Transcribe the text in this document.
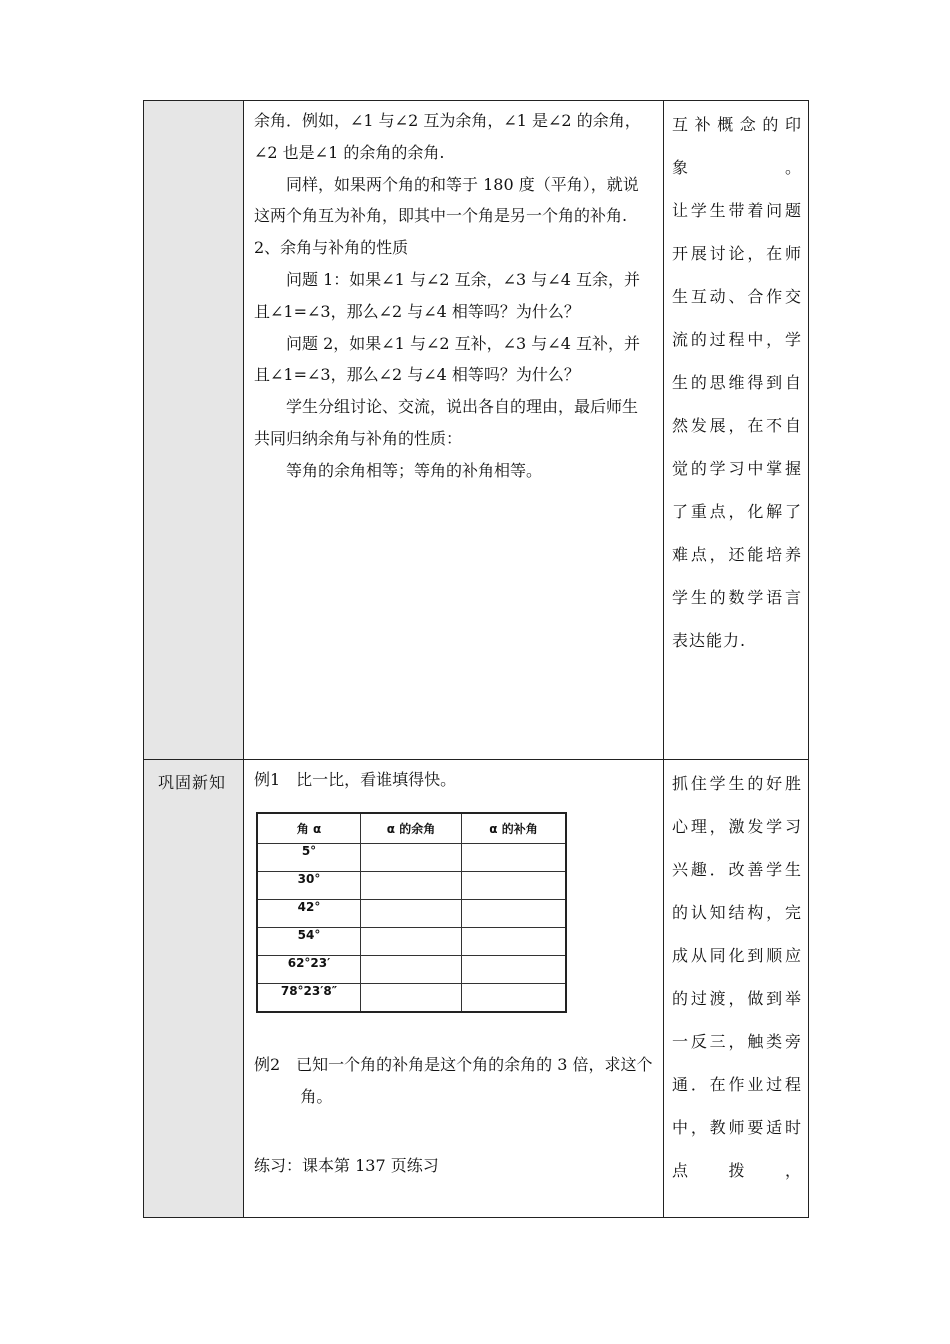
余角．例如，∠1 与∠2 互为余角，∠1 是∠2 的余角，∠2 也是∠1 的余角的余角.

同样，如果两个角的和等于 180 度（平角），就说这两个角互为补角，即其中一个角是另一个角的补角.

2、余角与补角的性质

问题 1：如果∠1 与∠2 互余，∠3 与∠4 互余，并且∠1=∠3，那么∠2 与∠4 相等吗？为什么？

问题 2，如果∠1 与∠2 互补，∠3 与∠4 互补，并且∠1=∠3，那么∠2 与∠4 相等吗？为什么？

学生分组讨论、交流，说出各自的理由，最后师生共同归纳余角与补角的性质：

等角的余角相等；等角的补角相等。

互补概念的印象。

让学生带着问题开展讨论，在师生互动、合作交

流的过程中，学生的思维得到自然发展，在不自觉的学习中掌握了重点，化解了难点，还能培养学生的数学语言表达能力.

巩固新知	例1　比一比，看谁填得快。

角 α	α 的余角	α 的补角
5°		
30°		
42°		
54°		
62°23′		
78°23′8″		

例2　已知一个角的补角是这个角的余角的 3 倍，求这个角。

练习：课本第 137 页练习

抓住学生的好胜心理，激发学习兴趣．改善学生的认知结构，完成从同化到顺应的过渡，做到举一反三，触类旁通．在作业过程中，教师要适时点拨，
